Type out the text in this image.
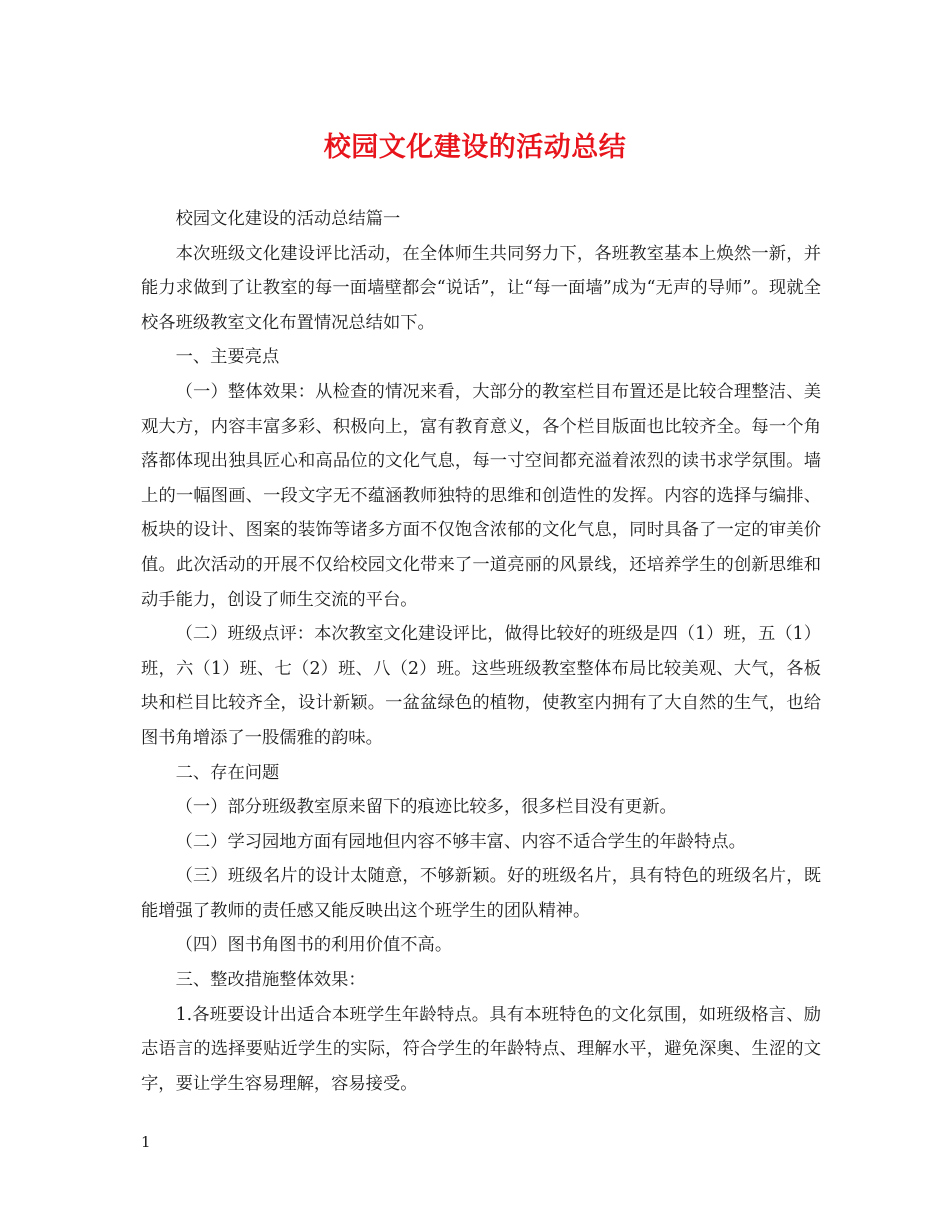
校园文化建设的活动总结

校园文化建设的活动总结篇一

本次班级文化建设评比活动，在全体师生共同努力下，各班教室基本上焕然一新，并能力求做到了让教室的每一面墙壁都会“说话”，让“每一面墙”成为“无声的导师”。现就全校各班级教室文化布置情况总结如下。

一、主要亮点

（一）整体效果：从检查的情况来看，大部分的教室栏目布置还是比较合理整洁、美观大方，内容丰富多彩、积极向上，富有教育意义，各个栏目版面也比较齐全。每一个角落都体现出独具匠心和高品位的文化气息，每一寸空间都充溢着浓烈的读书求学氛围。墙上的一幅图画、一段文字无不蕴涵教师独特的思维和创造性的发挥。内容的选择与编排、板块的设计、图案的装饰等诸多方面不仅饱含浓郁的文化气息，同时具备了一定的审美价值。此次活动的开展不仅给校园文化带来了一道亮丽的风景线，还培养学生的创新思维和动手能力，创设了师生交流的平台。

（二）班级点评：本次教室文化建设评比，做得比较好的班级是四（1）班，五（1）班，六（1）班、七（2）班、八（2）班。这些班级教室整体布局比较美观、大气，各板块和栏目比较齐全，设计新颖。一盆盆绿色的植物，使教室内拥有了大自然的生气，也给图书角增添了一股儒雅的韵味。

二、存在问题

（一）部分班级教室原来留下的痕迹比较多，很多栏目没有更新。

（二）学习园地方面有园地但内容不够丰富、内容不适合学生的年龄特点。

（三）班级名片的设计太随意，不够新颖。好的班级名片，具有特色的班级名片，既能增强了教师的责任感又能反映出这个班学生的团队精神。

（四）图书角图书的利用价值不高。

三、整改措施整体效果：

1.各班要设计出适合本班学生年龄特点。具有本班特色的文化氛围，如班级格言、励志语言的选择要贴近学生的实际，符合学生的年龄特点、理解水平，避免深奥、生涩的文字，要让学生容易理解，容易接受。

1
